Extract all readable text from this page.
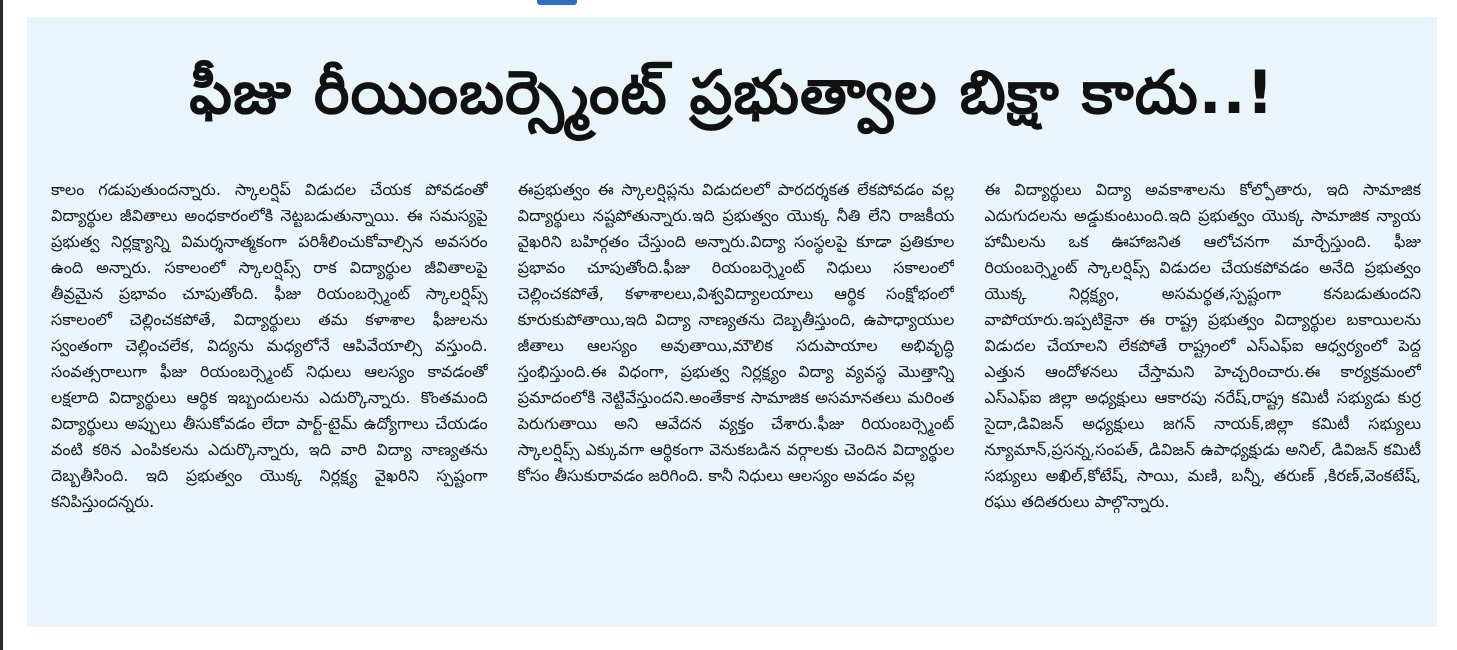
ఫీజు రీయింబర్స్మెంట్ ప్రభుత్వాల బిక్షా కాదు..!
కాలం గడుపుతుందన్నారు. స్కాలర్షిప్ విడుదల చేయక పోవడంతో విద్యార్థుల జీవితాలు అంధకారంలోకి నెట్టబడుతున్నాయి. ఈ సమస్యపై ప్రభుత్వ నిర్లక్ష్యాన్ని విమర్శనాత్మకంగా పరిశీలించుకోవాల్సిన అవసరం ఉంది అన్నారు. సకాలంలో స్కాలర్షిప్స్ రాక విద్యార్థుల జీవితాలపై తీవ్రమైన ప్రభావం చూపుతోంది. ఫీజు రియంబర్స్మెంట్ స్కాలర్షిప్స్ సకాలంలో చెల్లించకపోతే, విద్యార్థులు తమ కళాశాల ఫీజులను స్వంతంగా చెల్లించలేక, విద్యను మధ్యలోనే ఆపివేయాల్సి వస్తుంది. సంవత్సరాలుగా ఫీజు రియంబర్స్మెంట్ నిధులు ఆలస్యం కావడంతో లక్షలాది విద్యార్థులు ఆర్థిక ఇబ్బందులను ఎదుర్కొన్నారు. కొంతమంది విద్యార్థులు అప్పులు తీసుకోవడం లేదా పార్ట్-టైమ్ ఉద్యోగాలు చేయడం వంటి కఠిన ఎంపికలను ఎదుర్కొన్నారు, ఇది వారి విద్యా నాణ్యతను దెబ్బతీసింది. ఇది ప్రభుత్వం యొక్క నిర్లక్ష్య వైఖరిని స్పష్టంగా కనిపిస్తుందన్నరు.
ఈప్రభుత్వం ఈ స్కాలర్షిప్లను విడుదలలో పారదర్శకత లేకపోవడం వల్ల విద్యార్థులు నష్టపోతున్నారు.ఇది ప్రభుత్వం యొక్క నీతి లేని రాజకీయ వైఖరిని బహిర్గతం చేస్తుంది అన్నారు.విద్యా సంస్థలపై కూడా ప్రతికూల ప్రభావం చూపుతోంది.ఫీజు రియంబర్స్మెంట్ నిధులు సకాలంలో చెల్లించకపోతే, కళాశాలలు,విశ్వవిద్యాలయాలు ఆర్థిక సంక్షోభంలో కూరుకుపోతాయి,ఇది విద్యా నాణ్యతను దెబ్బతీస్తుంది, ఉపాధ్యాయుల జీతాలు ఆలస్యం అవుతాయి,మౌలిక సదుపాయాల అభివృద్ధి స్తంభిస్తుంది.ఈ విధంగా, ప్రభుత్వ నిర్లక్ష్యం విద్యా వ్యవస్థ మొత్తాన్ని ప్రమాదంలోకి నెట్టివేస్తుందని.అంతేకాక సామాజిక అసమానతలు మరింత పెరుగుతాయి అని ఆవేదన వ్యక్తం చేశారు.ఫీజు రియంబర్స్మెంట్ స్కాలర్షిప్స్ ఎక్కువగా ఆర్థికంగా వెనుకబడిన వర్గాలకు చెందిన విద్యార్థుల కోసం తీసుకురావడం జరిగింది. కానీ నిధులు ఆలస్యం అవడం వల్ల
ఈ విద్యార్థులు విద్యా అవకాశాలను కోల్పోతారు, ఇది సామాజిక ఎదుగుదలను అడ్డుకుంటుంది.ఇది ప్రభుత్వం యొక్క సామాజిక న్యాయ హామీలను ఒక ఊహాజనిత ఆలోచనగా మార్చేస్తుంది. ఫీజు రియంబర్స్మెంట్ స్కాలర్షిప్స్ విడుదల చేయకపోవడం అనేది ప్రభుత్వం యొక్క నిర్లక్ష్యం, అసమర్థత,స్పష్టంగా కనబడుతుందని వాపోయారు.ఇప్పటికైనా ఈ రాష్ట్ర ప్రభుత్వం విద్యార్థుల బకాయిలను విడుదల చేయాలని లేకపోతే రాష్ట్రంలో ఎస్ఎఫ్ఐ ఆధ్వర్యంలో పెద్ద ఎత్తున ఆందోళనలు చేస్తామని హెచ్చరించారు.ఈ కార్యక్రమంలో ఎస్ఎఫ్ఐ జిల్లా అధ్యక్షులు ఆకారపు నరేష్,రాష్ట్ర కమిటీ సభ్యుడు కుర్ర సైదా,డివిజన్ అధ్యక్షులు జగన్ నాయక్,జిల్లా కమిటీ సభ్యులు న్యూమాన్,ప్రసన్న,సంపత్, డివిజన్ ఉపాధ్యక్షుడు అనిల్, డివిజన్ కమిటీ సభ్యులు అఖిల్,కోటేష్, సాయి, మణి, బన్నీ, తరుణ్ ,కిరణ్,వెంకటేష్, రఘు తదితరులు పాల్గొన్నారు.
